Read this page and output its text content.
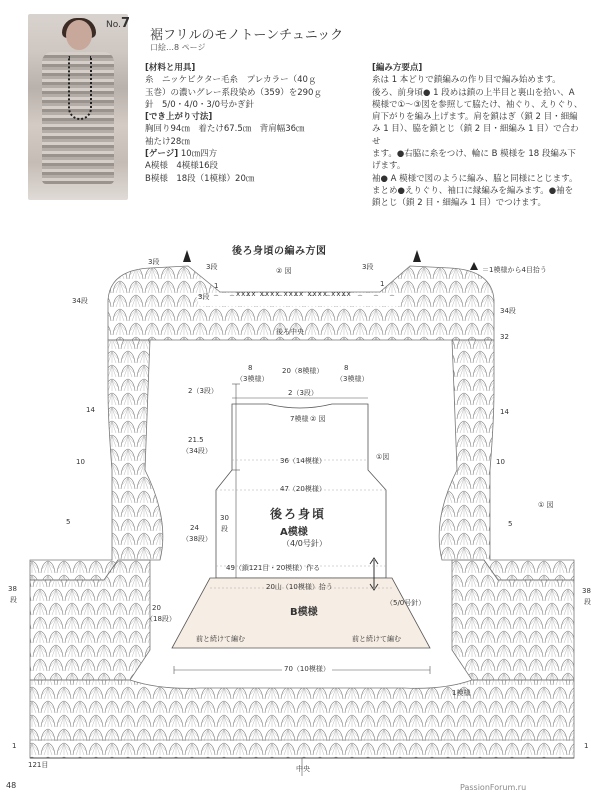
No.7
裾フリルのモノトーンチュニック
口絵…8 ページ
[材料と用具]
糸　ニッケビクター毛糸　プレカラー（40ｇ
玉巻）の濃いグレー系段染め（359）を290ｇ
針　5/0・4/0・3/0号かぎ針
[でき上がり寸法]
胸回り94㎝　着たけ67.5㎝　背肩幅36㎝
袖たけ28㎝
[ゲージ] 10㎝四方
A模様　4模様16段
B模様　18段（1模様）20㎝
[編み方要点]
糸は 1 本どりで鎖編みの作り目で編み始めます。
後ろ、前身頃● 1 段めは鎖の上半目と裏山を拾い、A
模様で①〜③図を参照して脇たけ、袖ぐり、えりぐり、
肩下がりを編み上げます。肩を鎖はぎ（鎖 2 目・細編
み 1 目）、脇を鎖とじ（鎖 2 目・細編み 1 目）で合わせ
ます。●右脇に糸をつけ、輪に B 模様を 18 段編み下
げます。
袖● A 模様で図のように編み、脇と同様にとじます。
まとめ●えりぐり、袖口に縁編みを編みます。●袖を
鎖とじ（鎖 2 目・細編み 1 目）でつけます。
後ろ身頃の編み方図
② 図	＝1模様から4目拾う
3段
3段
3段
3段
1	1
xxxx xxxx xxxx xxxx xxxx
34段
34段
後ろ中央
32
14	14
10	10
5	5
38
段
38
段
1	1
121目	中央
1模様
① 図
8
（3模様）
20（8模様）	8
（3模様）
2（3段）
2（3段）
7模様 ② 図
①図
36（14模様）
47（20模様）
21.5
（34段）
24
（38段）
30
段
後ろ身頃
A模様
（4/0号針）
49（鎖121目・20模様）作る
20山（10模様）拾う
B模様
（5/0号針）
20
（18段）
前と続けて編む	前と続けて編む
70（10模様）
48	PassionForum.ru
